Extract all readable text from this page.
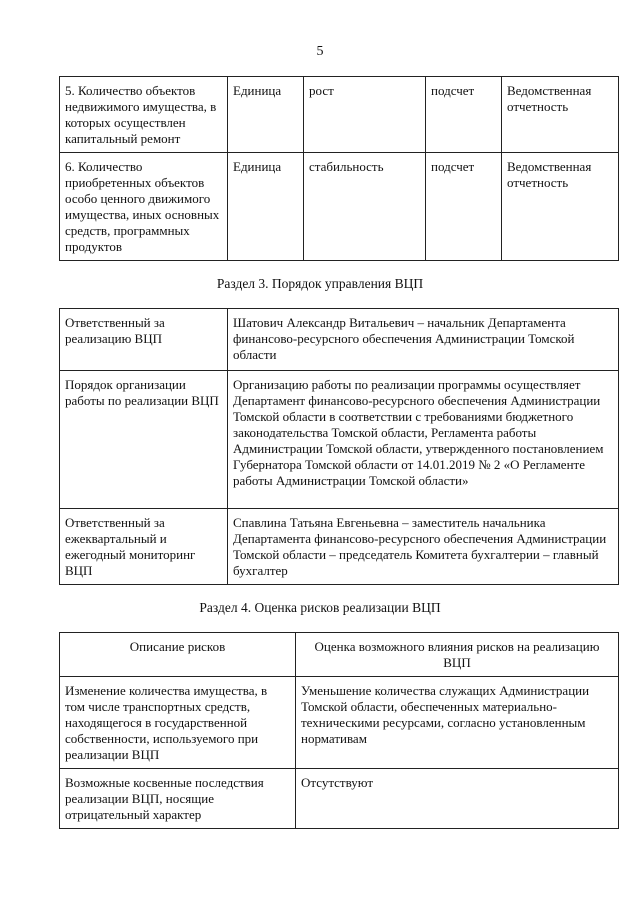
5
5. Количество объектов недвижимого имущества, в которых осуществлен капитальный ремонт	Единица	рост	подсчет	Ведомственная отчетность
6. Количество приобретенных объектов особо ценного движимого имущества, иных основных средств, программных продуктов	Единица	стабильность	подсчет	Ведомственная отчетность
Раздел 3. Порядок управления ВЦП
Ответственный за реализацию ВЦП	Шатович Александр Витальевич – начальник Департамента финансово-ресурсного обеспечения Администрации Томской области
Порядок организации работы по реализации ВЦП	Организацию работы по реализации программы осуществляет Департамент финансово-ресурсного обеспечения Администрации Томской области в соответствии с требованиями бюджетного законодательства Томской области, Регламента работы Администрации Томской области, утвержденного постановлением Губернатора Томской области от 14.01.2019 № 2 «О Регламенте работы Администрации Томской области»
Ответственный за ежеквартальный и ежегодный мониторинг ВЦП	Спавлина Татьяна Евгеньевна – заместитель начальника Департамента финансово-ресурсного обеспечения Администрации Томской области – председатель Комитета бухгалтерии – главный бухгалтер
Раздел 4. Оценка рисков реализации ВЦП
Описание рисков	Оценка возможного влияния рисков на реализацию ВЦП
Изменение количества имущества, в том числе транспортных средств, находящегося в государственной собственности, используемого при реализации ВЦП	Уменьшение количества служащих Администрации Томской области, обеспеченных материально-техническими ресурсами, согласно установленным нормативам
Возможные косвенные последствия реализации ВЦП, носящие отрицательный характер	Отсутствуют
